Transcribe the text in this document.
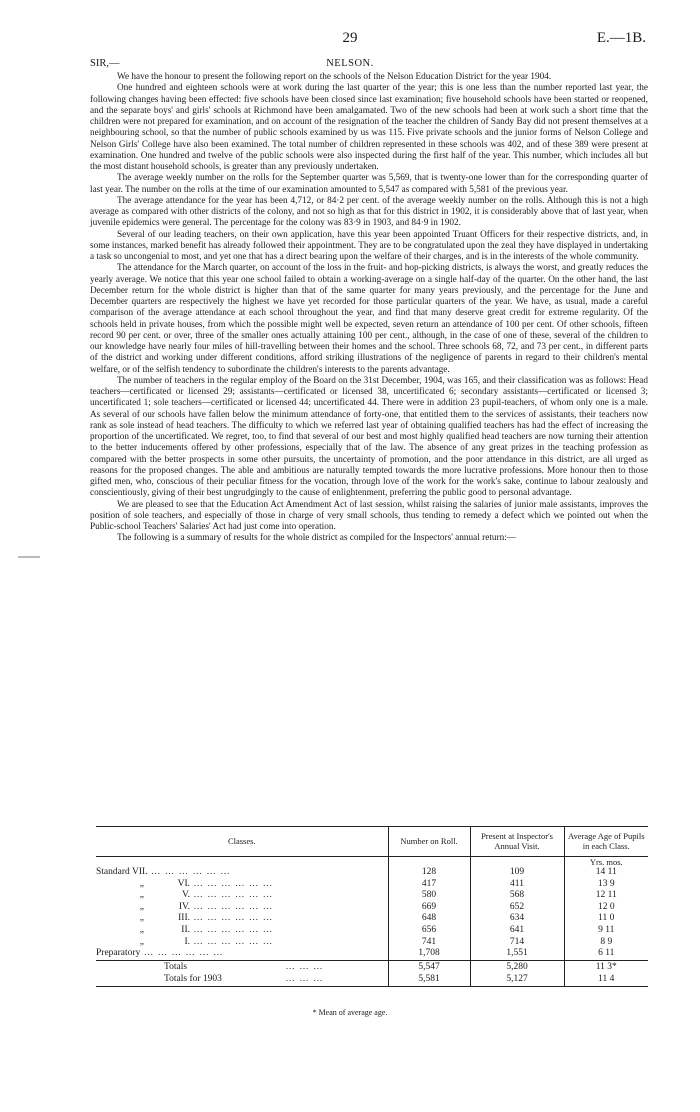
29	E.—1B.
SIR,—	NELSON.

We have the honour to present the following report on the schools of the Nelson Education District for the year 1904.

One hundred and eighteen schools were at work during the last quarter of the year; this is one less than the number reported last year, the following changes having been effected: five schools have been closed since last examination; five household schools have been started or reopened, and the separate boys' and girls' schools at Richmond have been amalgamated. Two of the new schools had been at work such a short time that the children were not prepared for examination, and on account of the resignation of the teacher the children of Sandy Bay did not present themselves at a neighbouring school, so that the number of public schools examined by us was 115. Five private schools and the junior forms of Nelson College and Nelson Girls' College have also been examined. The total number of children represented in these schools was 402, and of these 389 were present at examination. One hundred and twelve of the public schools were also inspected during the first half of the year. This number, which includes all but the most distant household schools, is greater than any previously undertaken.

The average weekly number on the rolls for the September quarter was 5,569, that is twenty-one lower than for the corresponding quarter of last year. The number on the rolls at the time of our examination amounted to 5,547 as compared with 5,581 of the previous year.

The average attendance for the year has been 4,712, or 84·2 per cent. of the average weekly number on the rolls. Although this is not a high average as compared with other districts of the colony, and not so high as that for this district in 1902, it is considerably above that of last year, when juvenile epidemics were general. The percentage for the colony was 83·9 in 1903, and 84·9 in 1902.

Several of our leading teachers, on their own application, have this year been appointed Truant Officers for their respective districts, and, in some instances, marked benefit has already followed their appointment. They are to be congratulated upon the zeal they have displayed in undertaking a task so uncongenial to most, and yet one that has a direct bearing upon the welfare of their charges, and is in the interests of the whole community.

The attendance for the March quarter, on account of the loss in the fruit- and hop-picking districts, is always the worst, and greatly reduces the yearly average. We notice that this year one school failed to obtain a working-average on a single half-day of the quarter. On the other hand, the last December return for the whole district is higher than that of the same quarter for many years previously, and the percentage for the June and December quarters are respectively the highest we have yet recorded for those particular quarters of the year. We have, as usual, made a careful comparison of the average attendance at each school throughout the year, and find that many deserve great credit for extreme regularity. Of the schools held in private houses, from which the possible might well be expected, seven return an attendance of 100 per cent. Of other schools, fifteen record 90 per cent. or over, three of the smaller ones actually attaining 100 per cent., although, in the case of one of these, several of the children to our knowledge have nearly four miles of hill-travelling between their homes and the school. Three schools 68, 72, and 73 per cent., in different parts of the district and working under different conditions, afford striking illustrations of the negligence of parents in regard to their children's mental welfare, or of the selfish tendency to subordinate the children's interests to the parents advantage.

The number of teachers in the regular employ of the Board on the 31st December, 1904, was 165, and their classification was as follows: Head teachers—certificated or licensed 29; assistants—certificated or licensed 38, uncertificated 6; secondary assistants—certificated or licensed 3; uncertificated 1; sole teachers—certificated or licensed 44; uncertificated 44. There were in addition 23 pupil-teachers, of whom only one is a male. As several of our schools have fallen below the minimum attendance of forty-one, that entitled them to the services of assistants, their teachers now rank as sole instead of head teachers. The difficulty to which we referred last year of obtaining qualified teachers has had the effect of increasing the proportion of the uncertificated. We regret, too, to find that several of our best and most highly qualified head teachers are now turning their attention to the better inducements offered by other professions, especially that of the law. The absence of any great prizes in the teaching profession as compared with the better prospects in some other pursuits, the uncertainty of promotion, and the poor attendance in this district, are all urged as reasons for the proposed changes. The able and ambitious are naturally tempted towards the more lucrative professions. More honour then to those gifted men, who, conscious of their peculiar fitness for the vocation, through love of the work for the work's sake, continue to labour zealously and conscientiously, giving of their best ungrudgingly to the cause of enlightenment, preferring the public good to personal advantage.

We are pleased to see that the Education Act Amendment Act of last session, whilst raising the salaries of junior male assistants, improves the position of sole teachers, and especially of those in charge of very small schools, thus tending to remedy a defect which we pointed out when the Public-school Teachers' Salaries' Act had just come into operation.

The following is a summary of results for the whole district as compiled for the Inspectors' annual return:—

Classes.	Number on Roll.	Present at Inspector's Annual Visit.	Average Age of Pupils in each Class.
			Yrs. mos.
Standard VII. … … … … … …	128	109	14 11
„ VI. … … … … … …	417	411	13 9
„ V. … … … … … …	580	568	12 11
„ IV. … … … … … …	669	652	12 0
„ III. … … … … … …	648	634	11 0
„ II. … … … … … …	656	641	9 11
„ I. … … … … … …	741	714	8 9
Preparatory … … … … … …	1,708	1,551	6 11
Totals … … …	5,547	5,280	11 3*
Totals for 1903 … … …	5,581	5,127	11 4
* Mean of average age.
